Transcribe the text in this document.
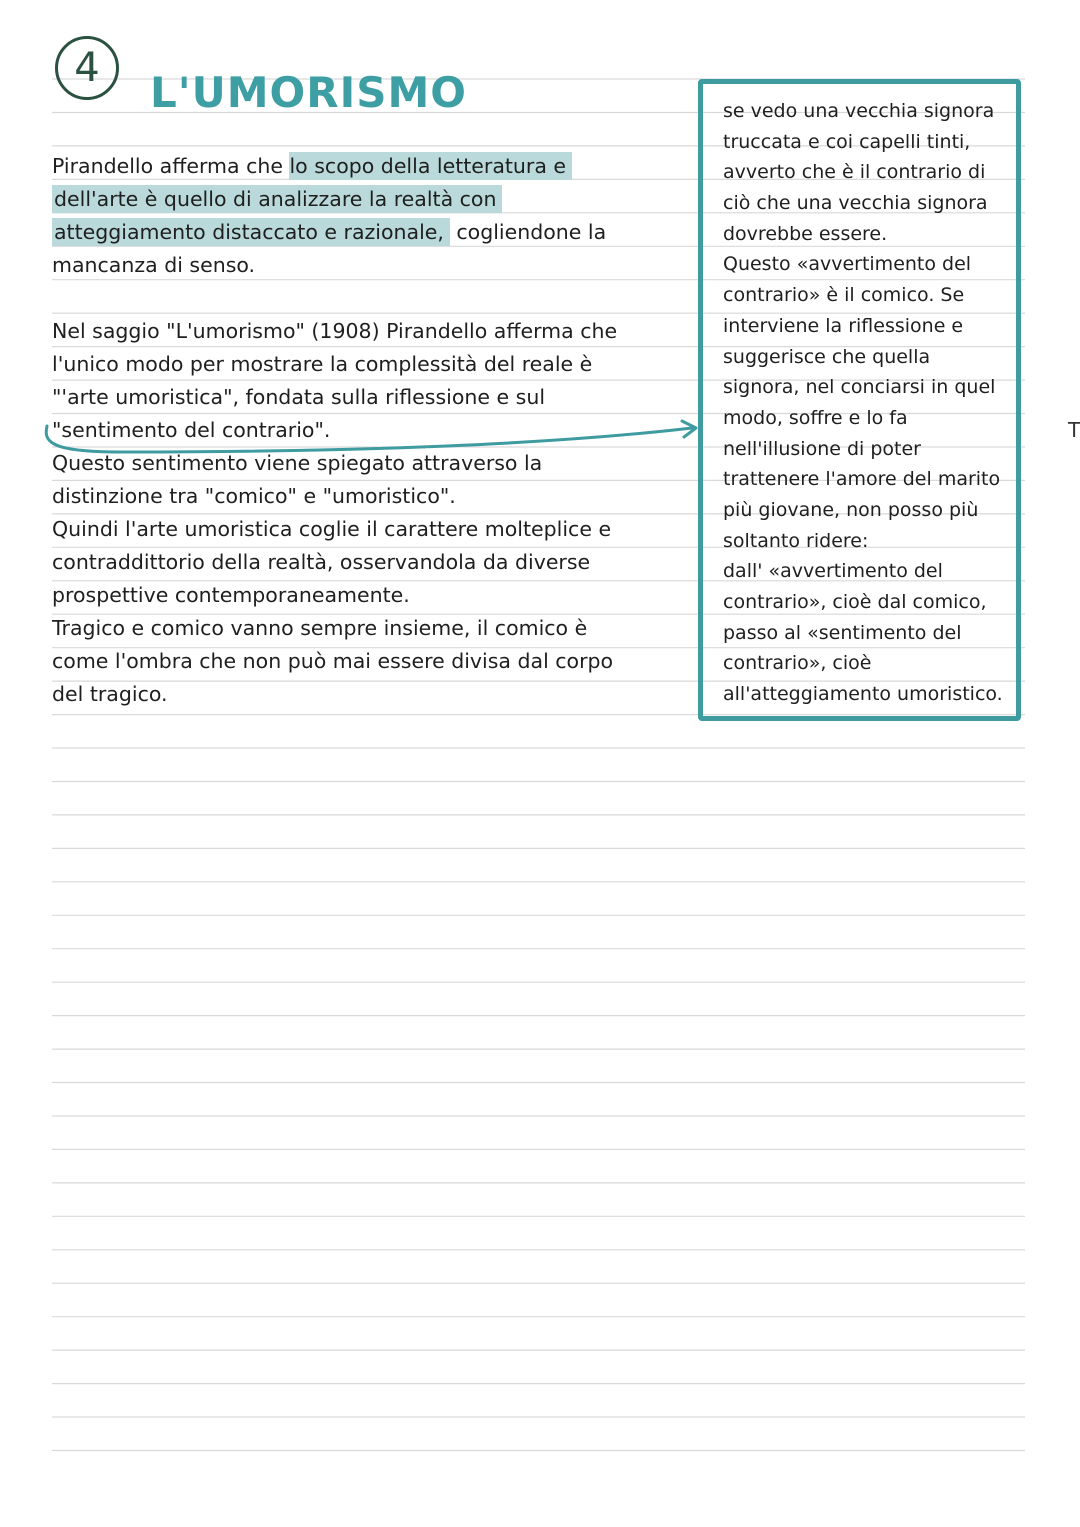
4 L'UMORISMO
Pirandello afferma che lo scopo della letteratura e
dell'arte è quello di analizzare la realtà con
atteggiamento distaccato e razionale, cogliendone la
mancanza di senso.
Nel saggio "L'umorismo" (1908) Pirandello afferma che
l'unico modo per mostrare la complessità del reale è
"'arte umoristica", fondata sulla riflessione e sul
"sentimento del contrario".
Questo sentimento viene spiegato attraverso la
distinzione tra "comico" e "umoristico".
Quindi l'arte umoristica coglie il carattere molteplice e
contraddittorio della realtà, osservandola da diverse
prospettive contemporaneamente.
Tragico e comico vanno sempre insieme, il comico è
come l'ombra che non può mai essere divisa dal corpo
del tragico.
se vedo una vecchia signora
truccata e coi capelli tinti,
avverto che è il contrario di
ciò che una vecchia signora
dovrebbe essere.
Questo «avvertimento del
contrario» è il comico. Se
interviene la riflessione e
suggerisce che quella
signora, nel conciarsi in quel
modo, soffre e lo fa
nell'illusione di poter
trattenere l'amore del marito
più giovane, non posso più
soltanto ridere:
dall' «avvertimento del
contrario», cioè dal comico,
passo al «sentimento del
contrario», cioè
all'atteggiamento umoristico.
T
